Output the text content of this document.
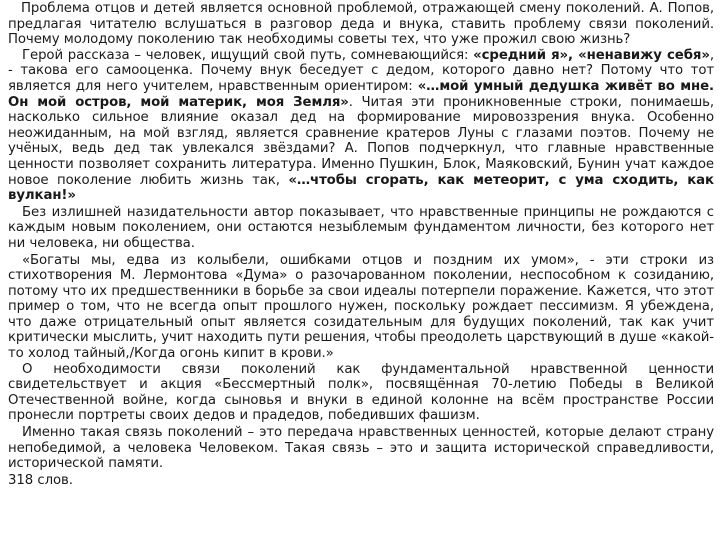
Проблема отцов и детей является основной проблемой, отражающей смену поколений. А. Попов, предлагая читателю вслушаться в разговор деда и внука, ставить проблему связи поколений. Почему молодому поколению так необходимы советы тех, что уже прожил свою жизнь?

Герой рассказа – человек, ищущий свой путь, сомневающийся: «средний я», «ненавижу себя», - такова его самооценка. Почему внук беседует с дедом, которого давно нет? Потому что тот является для него учителем, нравственным ориентиром: «…мой умный дедушка живёт во мне. Он мой остров, мой материк, моя Земля». Читая эти проникновенные строки, понимаешь, насколько сильное влияние оказал дед на формирование мировоззрения внука. Особенно неожиданным, на мой взгляд, является сравнение кратеров Луны с глазами поэтов. Почему не учёных, ведь дед так увлекался звёздами? А. Попов подчеркнул, что главные нравственные ценности позволяет сохранить литература. Именно Пушкин, Блок, Маяковский, Бунин учат каждое новое поколение любить жизнь так, «…чтобы сгорать, как метеорит, с ума сходить, как вулкан!»

Без излишней назидательности автор показывает, что нравственные принципы не рождаются с каждым новым поколением, они остаются незыблемым фундаментом личности, без которого нет ни человека, ни общества.

«Богаты мы, едва из колыбели, ошибками отцов и поздним их умом», - эти строки из стихотворения М. Лермонтова «Дума» о разочарованном поколении, неспособном к созиданию, потому что их предшественники в борьбе за свои идеалы потерпели поражение. Кажется, что этот пример о том, что не всегда опыт прошлого нужен, поскольку рождает пессимизм. Я убеждена, что даже отрицательный опыт является созидательным для будущих поколений, так как учит критически мыслить, учит находить пути решения, чтобы преодолеть царствующий в душе «какой-то холод тайный,/Когда огонь кипит в крови.»

О необходимости связи поколений как фундаментальной нравственной ценности свидетельствует и акция «Бессмертный полк», посвящённая 70-летию Победы в Великой Отечественной войне, когда сыновья и внуки в единой колонне на всём пространстве России пронесли портреты своих дедов и прадедов, победивших фашизм.

Именно такая связь поколений – это передача нравственных ценностей, которые делают страну непобедимой, а человека Человеком. Такая связь – это и защита исторической справедливости, исторической памяти.

318 слов.
